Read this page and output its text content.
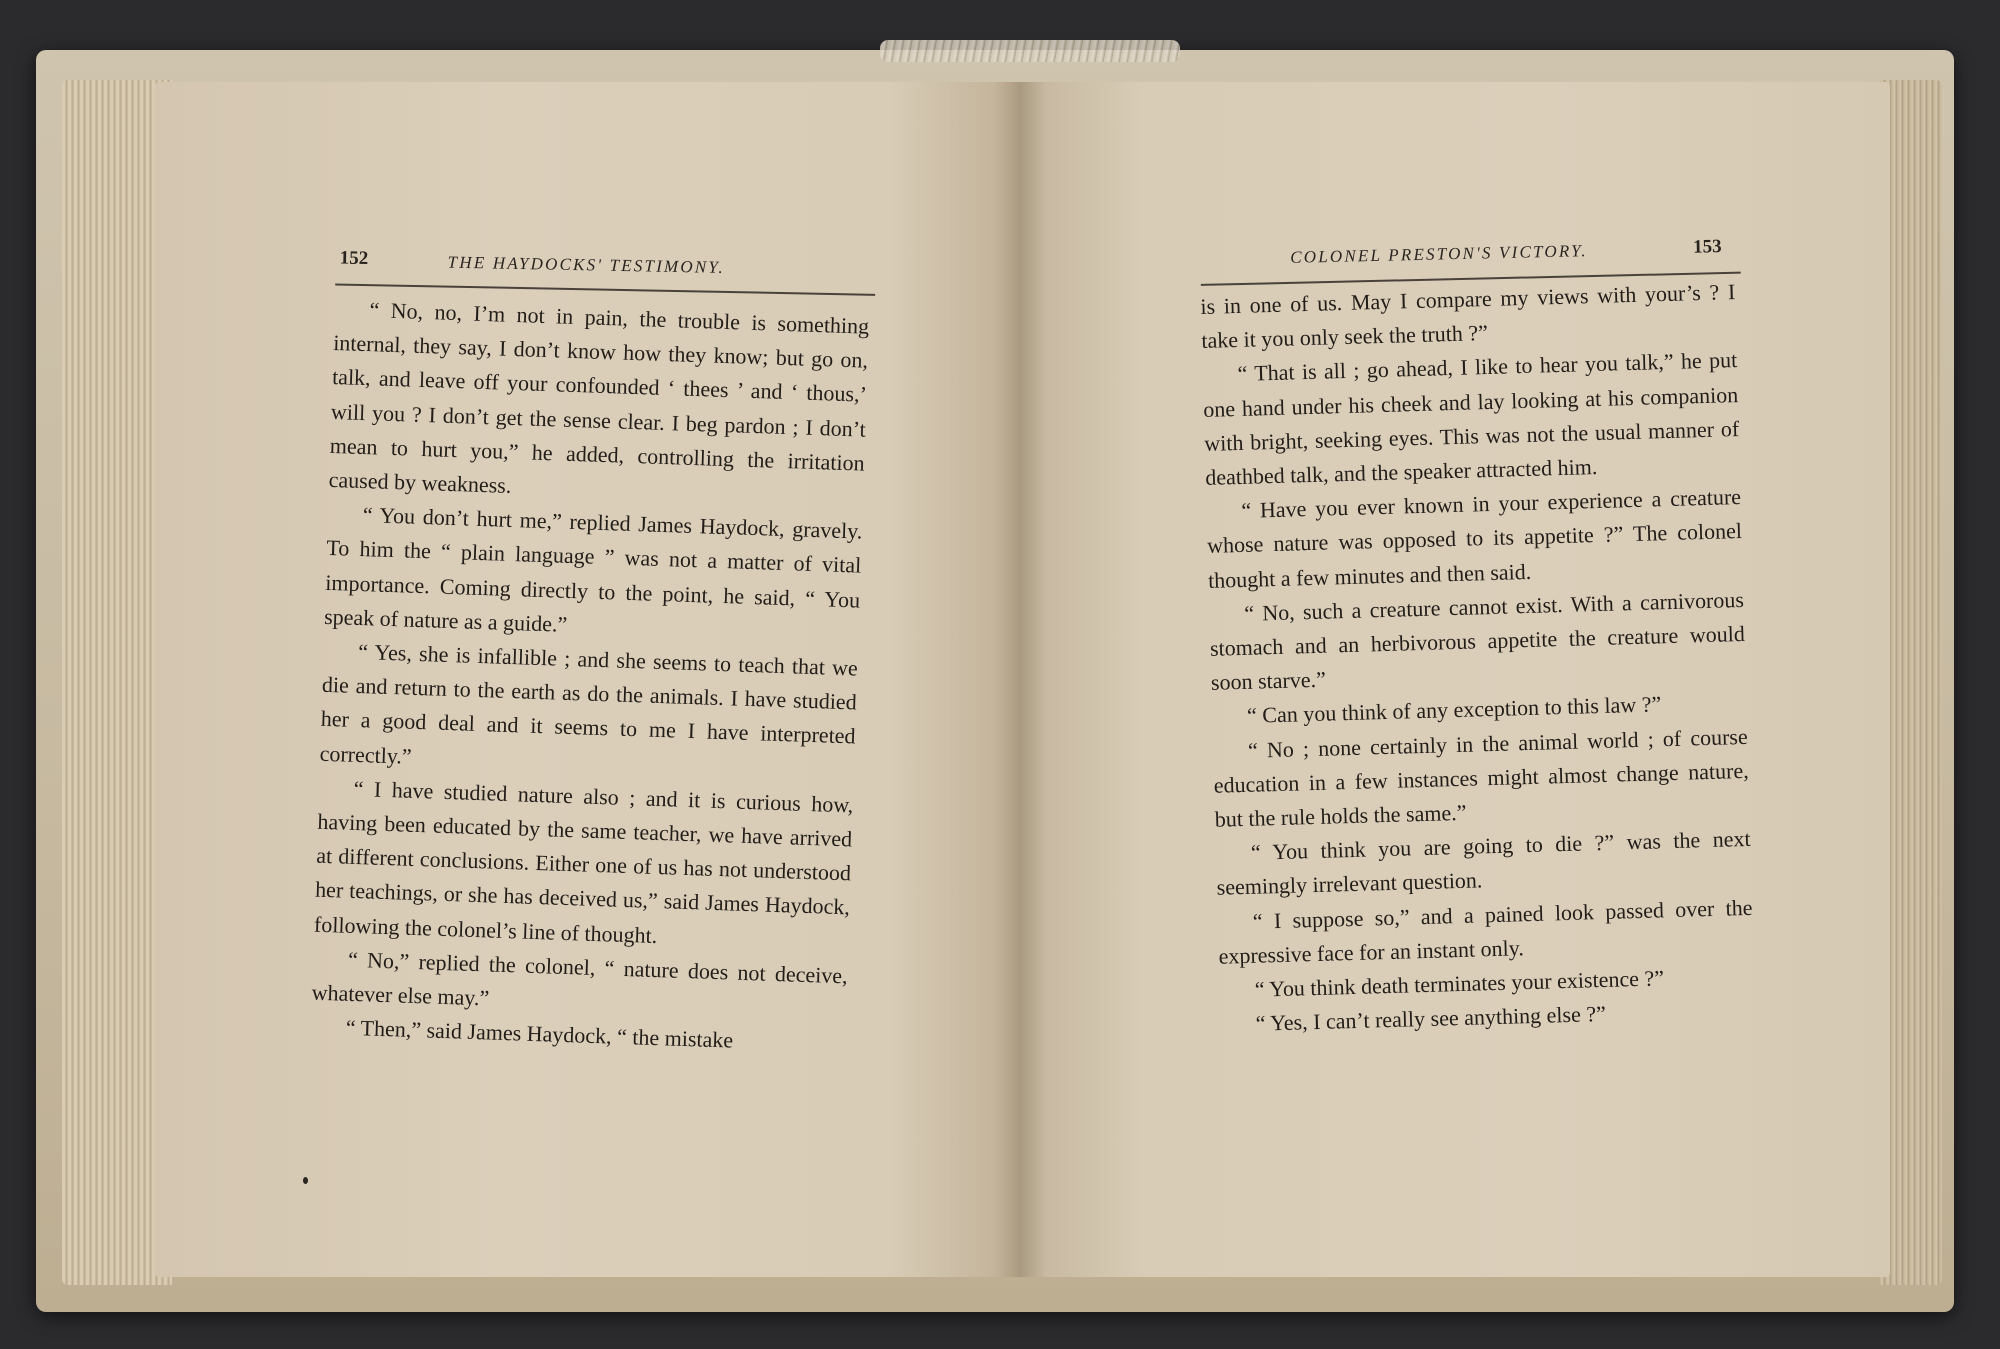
152	THE HAYDOCKS' TESTIMONY.

“ No, no, I’m not in pain, the trouble is something internal, they say, I don’t know how they know; but go on, talk, and leave off your confounded ‘ thees ’ and ‘ thous,’ will you ? I don’t get the sense clear. I beg pardon ; I don’t mean to hurt you,” he added, controlling the irritation caused by weakness.

“ You don’t hurt me,” replied James Haydock, gravely. To him the “ plain language ” was not a matter of vital importance. Coming directly to the point, he said, “ You speak of nature as a guide.”

“ Yes, she is infallible ; and she seems to teach that we die and return to the earth as do the animals. I have studied her a good deal and it seems to me I have interpreted correctly.”

“ I have studied nature also ; and it is curious how, having been educated by the same teacher, we have arrived at different conclusions. Either one of us has not understood her teachings, or she has deceived us,” said James Haydock, following the colonel’s line of thought.

“ No,” replied the colonel, “ nature does not deceive, whatever else may.”

“ Then,” said James Haydock, “ the mistake

COLONEL PRESTON'S VICTORY.	153

is in one of us. May I compare my views with your’s ? I take it you only seek the truth ?”

“ That is all ; go ahead, I like to hear you talk,” he put one hand under his cheek and lay looking at his companion with bright, seeking eyes. This was not the usual manner of deathbed talk, and the speaker attracted him.

“ Have you ever known in your experience a creature whose nature was opposed to its appetite ?” The colonel thought a few minutes and then said.

“ No, such a creature cannot exist. With a carnivorous stomach and an herbivorous appetite the creature would soon starve.”

“ Can you think of any exception to this law ?”

“ No ; none certainly in the animal world ; of course education in a few instances might almost change nature, but the rule holds the same.”

“ You think you are going to die ?” was the next seemingly irrelevant question.

“ I suppose so,” and a pained look passed over the expressive face for an instant only.

“ You think death terminates your existence ?”

“ Yes, I can’t really see anything else ?”
